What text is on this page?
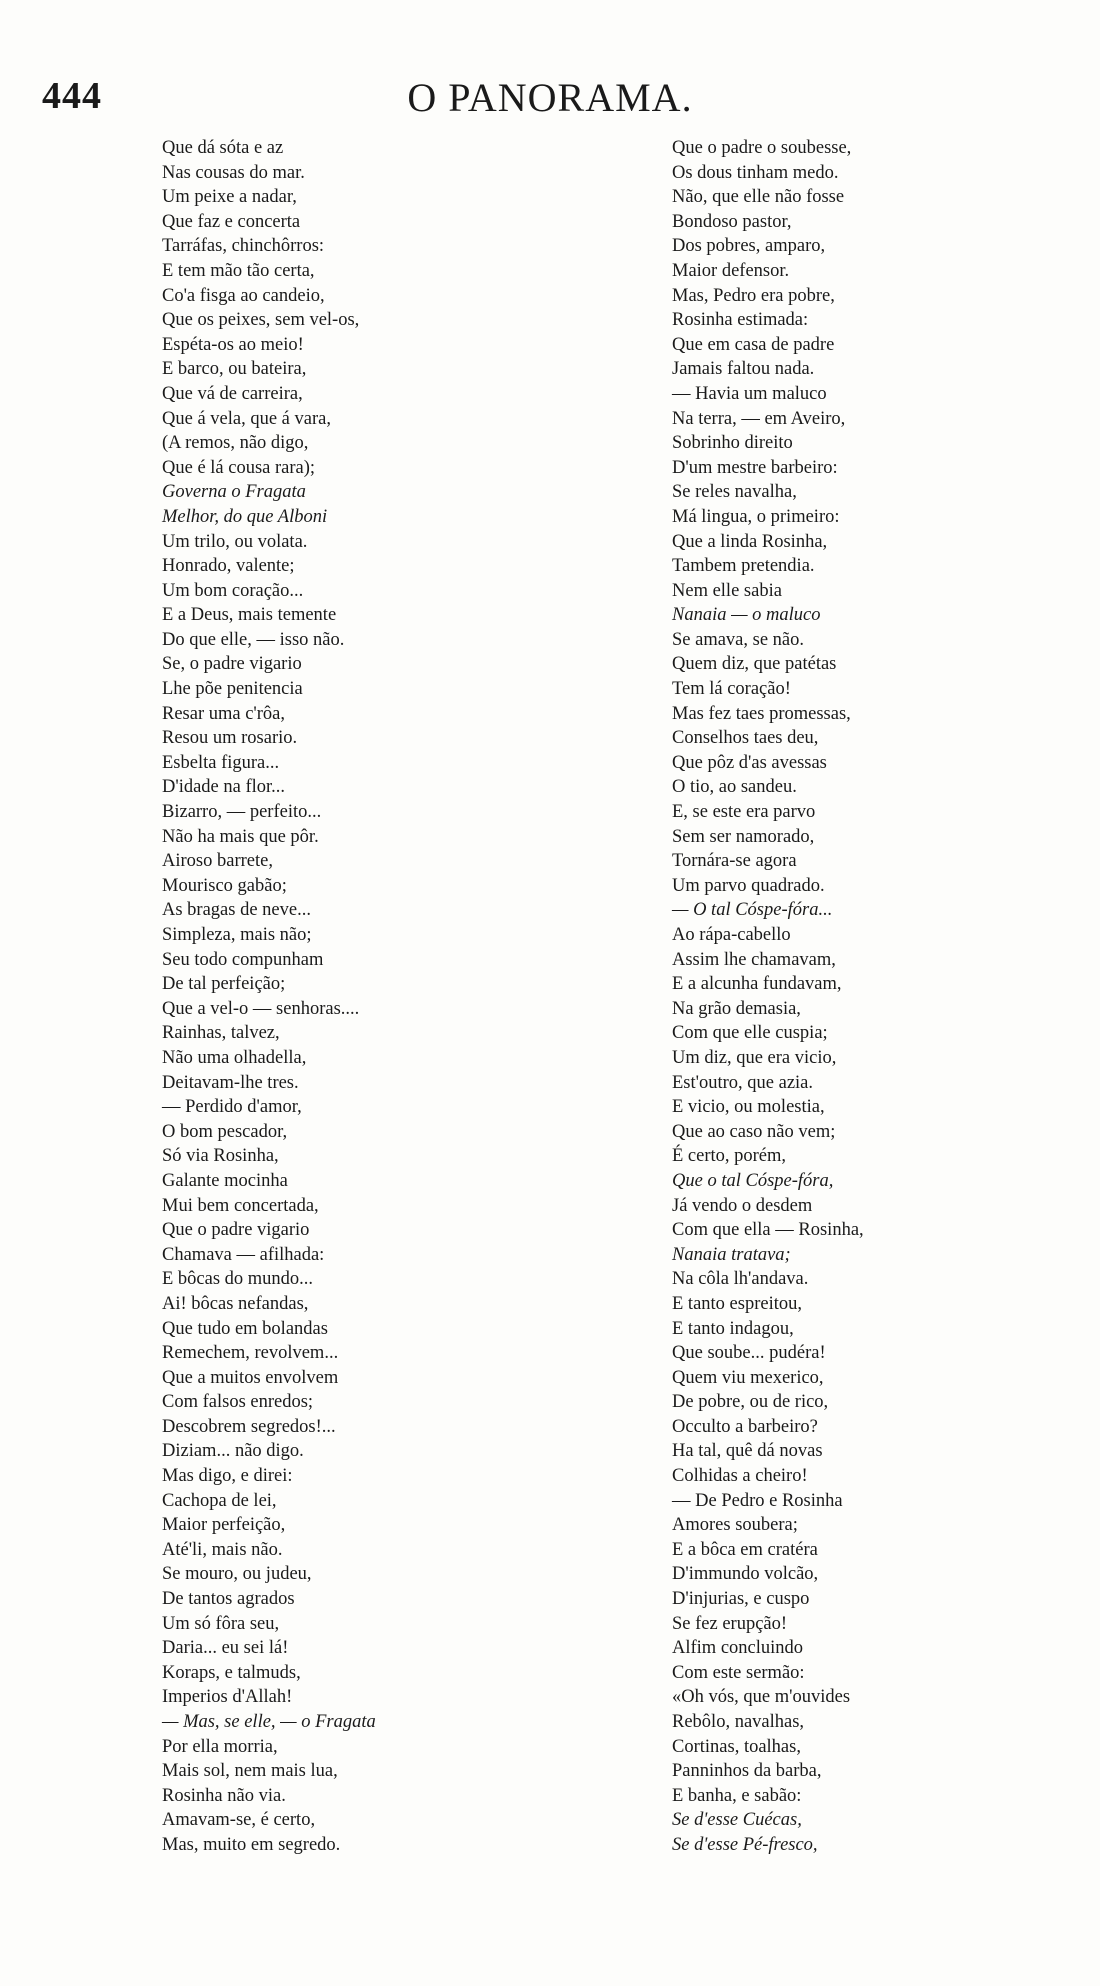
444	O PANORAMA.
Que dá sóta e az
Nas cousas do mar.
Um peixe a nadar,
Que faz e concerta
Tarráfas, chinchôrros:
E tem mão tão certa,
Co'a fisga ao candeio,
Que os peixes, sem vel-os,
Espéta-os ao meio!
E barco, ou bateira,
Que vá de carreira,
Que á vela, que á vara,
(A remos, não digo,
Que é lá cousa rara);
Governa o Fragata
Melhor, do que Alboni
Um trilo, ou volata.
Honrado, valente;
Um bom coração...
E a Deus, mais temente
Do que elle, — isso não.
Se, o padre vigario
Lhe põe penitencia
Resar uma c'rôa,
Resou um rosario.
Esbelta figura...
D'idade na flor...
Bizarro, — perfeito...
Não ha mais que pôr.
Airoso barrete,
Mourisco gabão;
As bragas de neve...
Simpleza, mais não;
Seu todo compunham
De tal perfeição;
Que a vel-o — senhoras....
Rainhas, talvez,
Não uma olhadella,
Deitavam-lhe tres.
— Perdido d'amor,
O bom pescador,
Só via Rosinha,
Galante mocinha
Mui bem concertada,
Que o padre vigario
Chamava — afilhada:
E bôcas do mundo...
Ai! bôcas nefandas,
Que tudo em bolandas
Remechem, revolvem...
Que a muitos envolvem
Com falsos enredos;
Descobrem segredos!...
Diziam... não digo.
Mas digo, e direi:
Cachopa de lei,
Maior perfeição,
Até'li, mais não.
Se mouro, ou judeu,
De tantos agrados
Um só fôra seu,
Daria... eu sei lá!
Koraps, e talmuds,
Imperios d'Allah!
— Mas, se elle, — o Fragata
Por ella morria,
Mais sol, nem mais lua,
Rosinha não via.
Amavam-se, é certo,
Mas, muito em segredo.
Que o padre o soubesse,
Os dous tinham medo.
Não, que elle não fosse
Bondoso pastor,
Dos pobres, amparo,
Maior defensor.
Mas, Pedro era pobre,
Rosinha estimada:
Que em casa de padre
Jamais faltou nada.
— Havia um maluco
Na terra, — em Aveiro,
Sobrinho direito
D'um mestre barbeiro:
Se reles navalha,
Má lingua, o primeiro:
Que a linda Rosinha,
Tambem pretendia.
Nem elle sabia
Nanaia — o maluco
Se amava, se não.
Quem diz, que patétas
Tem lá coração!
Mas fez taes promessas,
Conselhos taes deu,
Que pôz d'as avessas
O tio, ao sandeu.
E, se este era parvo
Sem ser namorado,
Tornára-se agora
Um parvo quadrado.
— O tal Cóspe-fóra...
Ao rápa-cabello
Assim lhe chamavam,
E a alcunha fundavam,
Na grão demasia,
Com que elle cuspia;
Um diz, que era vicio,
Est'outro, que azia.
E vicio, ou molestia,
Que ao caso não vem;
É certo, porém,
Que o tal Cóspe-fóra,
Já vendo o desdem
Com que ella — Rosinha,
Nanaia tratava;
Na côla lh'andava.
E tanto espreitou,
E tanto indagou,
Que soube... pudéra!
Quem viu mexerico,
De pobre, ou de rico,
Occulto a barbeiro?
Ha tal, quê dá novas
Colhidas a cheiro!
— De Pedro e Rosinha
Amores soubera;
E a bôca em cratéra
D'immundo volcão,
D'injurias, e cuspo
Se fez erupção!
Alfim concluindo
Com este sermão:
«Oh vós, que m'ouvides
Rebôlo, navalhas,
Cortinas, toalhas,
Panninhos da barba,
E banha, e sabão:
Se d'esse Cuécas,
Se d'esse Pé-fresco,
